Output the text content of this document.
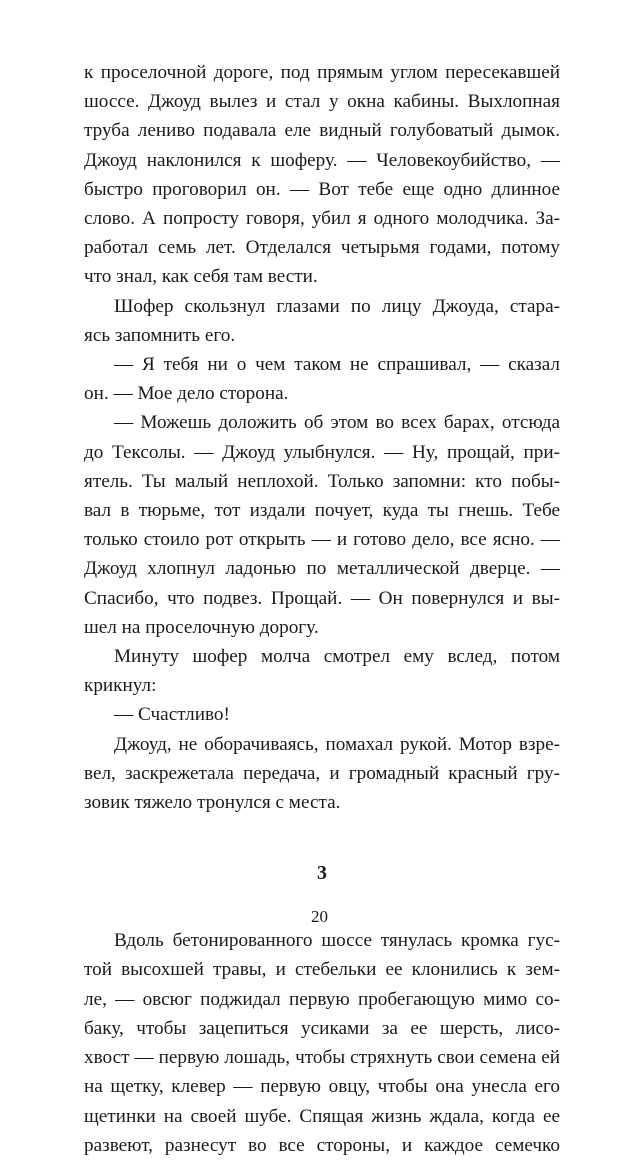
к проселочной дороге, под прямым углом пересекавшей
шоссе. Джоуд вылез и стал у окна кабины. Выхлопная
труба лениво подавала еле видный голубоватый дымок.
Джоуд наклонился к шоферу. — Человекоубийство, —
быстро проговорил он. — Вот тебе еще одно длинное
слово. А попросту говоря, убил я одного молодчика. За-
работал семь лет. Отделался четырьмя годами, потому
что знал, как себя там вести.
Шофер скользнул глазами по лицу Джоуда, стара-
ясь запомнить его.
— Я тебя ни о чем таком не спрашивал, — сказал
он. — Мое дело сторона.
— Можешь доложить об этом во всех барах, отсюда
до Тексолы. — Джоуд улыбнулся. — Ну, прощай, при-
ятель. Ты малый неплохой. Только запомни: кто побы-
вал в тюрьме, тот издали почует, куда ты гнешь. Тебе
только стоило рот открыть — и готово дело, все ясно. —
Джоуд хлопнул ладонью по металлической дверце. —
Спасибо, что подвез. Прощай. — Он повернулся и вы-
шел на проселочную дорогу.
Минуту шофер молча смотрел ему вслед, потом
крикнул:
— Счастливо!
Джоуд, не оборачиваясь, помахал рукой. Мотор взре-
вел, заскрежетала передача, и громадный красный гру-
зовик тяжело тронулся с места.
3
Вдоль бетонированного шоссе тянулась кромка гус-
той высохшей травы, и стебельки ее клонились к зем-
ле, — овсюг поджидал первую пробегающую мимо со-
баку, чтобы зацепиться усиками за ее шерсть, лисо-
хвост — первую лошадь, чтобы стряхнуть свои семена ей
на щетку, клевер — первую овцу, чтобы она унесла его
щетинки на своей шубе. Спящая жизнь ждала, когда ее
развеют, разнесут во все стороны, и каждое семечко
20
